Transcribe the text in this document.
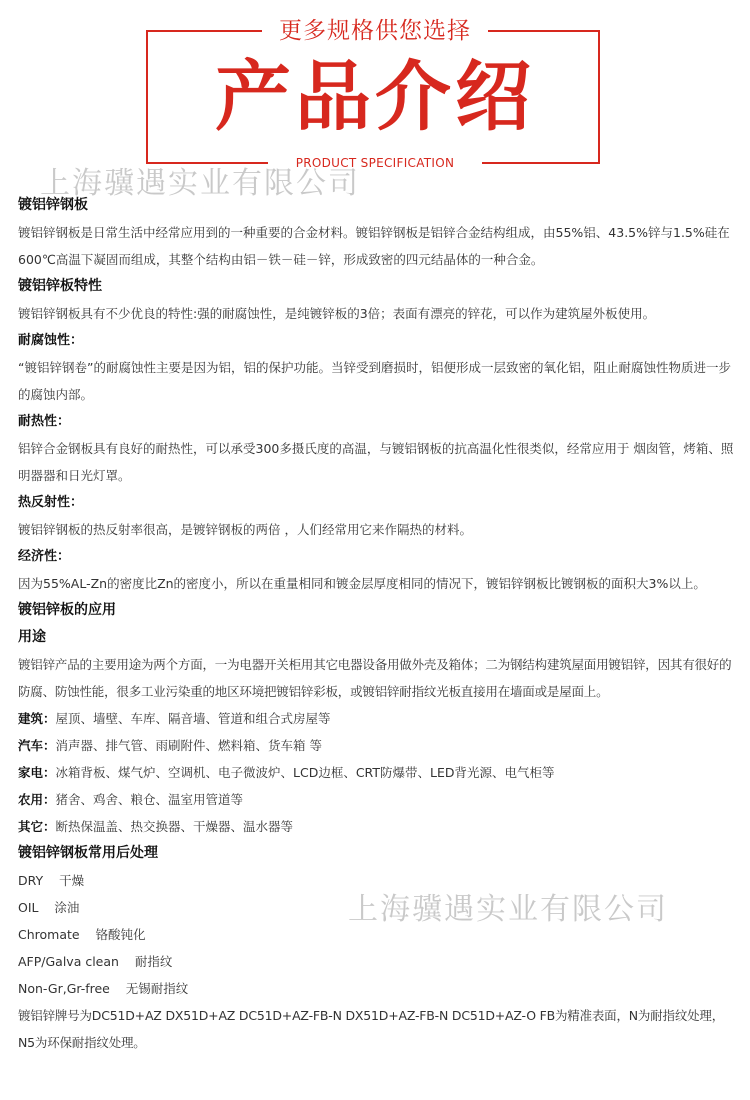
更多规格供您选择
产品介绍
PRODUCT SPECIFICATION
上海骥遇实业有限公司
上海骥遇实业有限公司
镀铝锌钢板
镀铝锌钢板是日常生活中经常应用到的一种重要的合金材料。镀铝锌钢板是铝锌合金结构组成，由55%铝、43.5%锌与1.5%硅在600℃高温下凝固而组成，其整个结构由铝－铁－硅－锌，形成致密的四元结晶体的一种合金。
镀铝锌板特性
镀铝锌钢板具有不少优良的特性:强的耐腐蚀性，是纯镀锌板的3倍；表面有漂亮的锌花，可以作为建筑屋外板使用。
耐腐蚀性：
“镀铝锌钢卷”的耐腐蚀性主要是因为铝，铝的保护功能。当锌受到磨损时，铝便形成一层致密的氧化铝，阻止耐腐蚀性物质进一步的腐蚀内部。
耐热性：
铝锌合金钢板具有良好的耐热性，可以承受300多摄氏度的高温，与镀铝钢板的抗高温化性很类似，经常应用于 烟囱管，烤箱、照明器器和日光灯罩。
热反射性：
镀铝锌钢板的热反射率很高，是镀锌钢板的两倍 ，人们经常用它来作隔热的材料。
经济性：
因为55%AL-Zn的密度比Zn的密度小，所以在重量相同和镀金层厚度相同的情况下，镀铝锌钢板比镀钢板的面积大3%以上。
镀铝锌板的应用
用途
镀铝锌产品的主要用途为两个方面，一为电器开关柜用其它电器设备用做外壳及箱体；二为钢结构建筑屋面用镀铝锌，因其有很好的防腐、防蚀性能，很多工业污染重的地区环境把镀铝锌彩板，或镀铝锌耐指纹光板直接用在墙面或是屋面上。
建筑：屋顶、墙壁、车库、隔音墙、管道和组合式房屋等
汽车：消声器、排气管、雨刷附件、燃料箱、货车箱 等
家电：冰箱背板、煤气炉、空调机、电子微波炉、LCD边框、CRT防爆带、LED背光源、电气柜等
农用：猪舍、鸡舍、粮仓、温室用管道等
其它：断热保温盖、热交换器、干燥器、温水器等
镀铝锌钢板常用后处理
DRY 干燥
OIL 涂油
Chromate 铬酸钝化
AFP/Galva clean 耐指纹
Non-Gr,Gr-free 无锡耐指纹
镀铝锌牌号为DC51D+AZ DX51D+AZ DC51D+AZ-FB-N DX51D+AZ-FB-N DC51D+AZ-O FB为精准表面，N为耐指纹处理，N5为环保耐指纹处理。
